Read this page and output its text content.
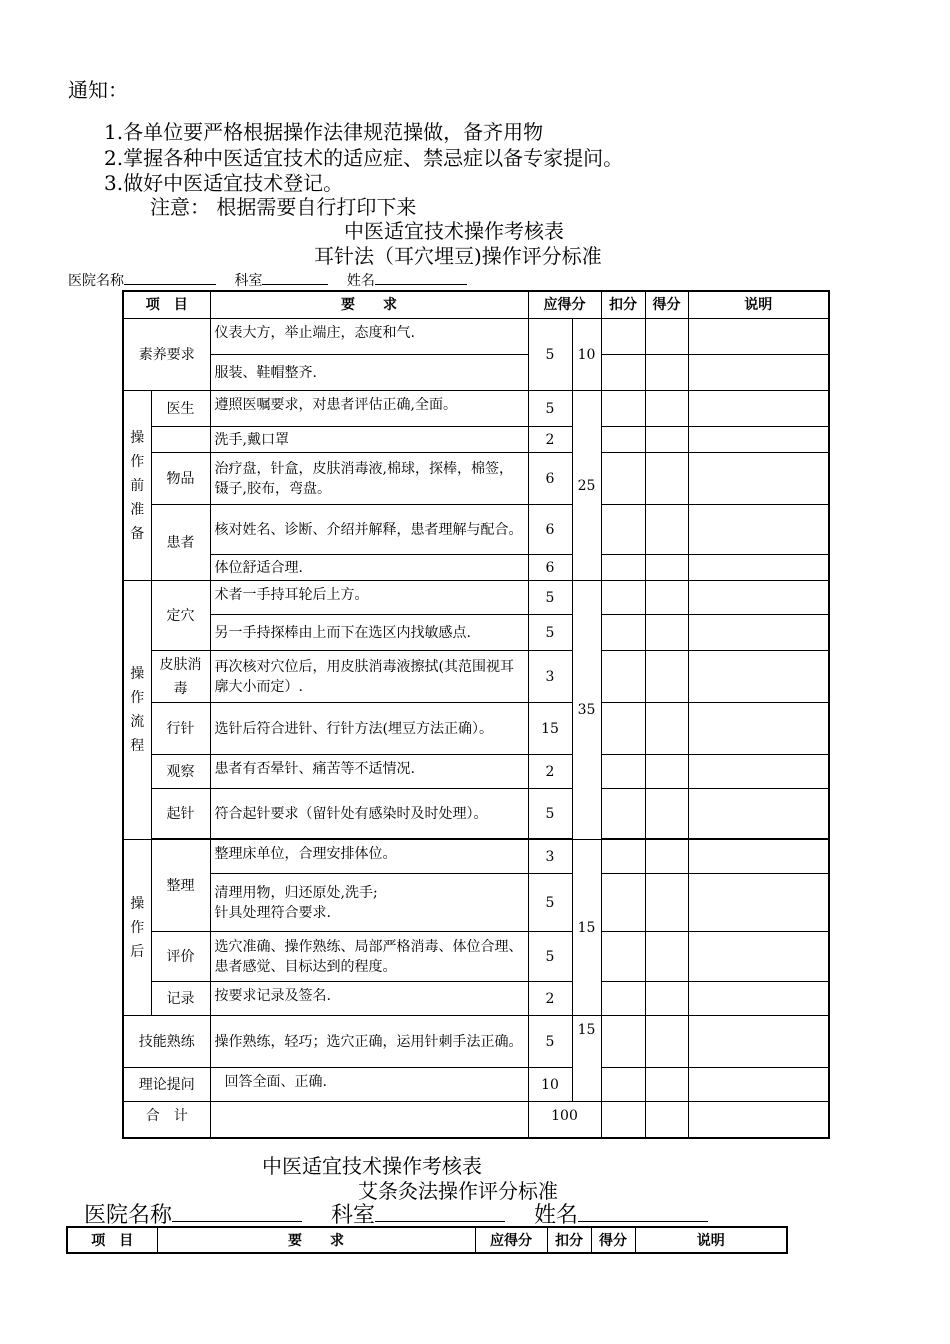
通知：
1.各单位要严格根据操作法律规范操做，备齐用物
2.掌握各种中医适宜技术的适应症、禁忌症以备专家提问。
3.做好中医适宜技术登记。
注意： 根据需要自行打印下来
中医适宜技术操作考核表
耳针法（耳穴埋豆)操作评分标准
医院名称	科室	姓名
项　目		要　　求	应得分		扣分	得分	说明
素养要求		仪表大方，举止端庄，态度和气.	5	10			
		服装、鞋帽整齐.					
操作前准备	医生	遵照医嘱要求，对患者评估正确,全面。	5	25			
		洗手,戴口罩	2				
	物品	治疗盘，针盒，皮肤消毒液,棉球，探棒，棉签，镊子,胶布，弯盘。	6				
	患者	核对姓名、诊断、介绍并解释，患者理解与配合。	6				
		体位舒适合理.	6				
操作流程	定穴	术者一手持耳轮后上方。	5	35			
		另一手持探棒由上而下在选区内找敏感点.	5				
	皮肤消毒	再次核对穴位后，用皮肤消毒液擦拭(其范围视耳廓大小而定）.	3				
	行针	选针后符合进针、行针方法(埋豆方法正确）。	15				
	观察	患者有否晕针、痛苦等不适情况.	2				
	起针	符合起针要求（留针处有感染时及时处理）。	5				

操作后	整理	整理床单位，合理安排体位。	3	15			

		清理用物，归还原处,洗手;
针具处理符合要求.	5				
	评价	选穴准确、操作熟练、局部严格消毒、体位合理、患者感觉、目标达到的程度。	5				
	记录	按要求记录及签名.	2				
技能熟练		操作熟练，轻巧；选穴正确，运用针刺手法正确。	5	15			
理论提问		回答全面、正确.	10				
合　计			100				
中医适宜技术操作考核表
艾条灸法操作评分标准
医院名称	科室	姓名
项　目	要　　求	应得分	扣分	得分	说明
